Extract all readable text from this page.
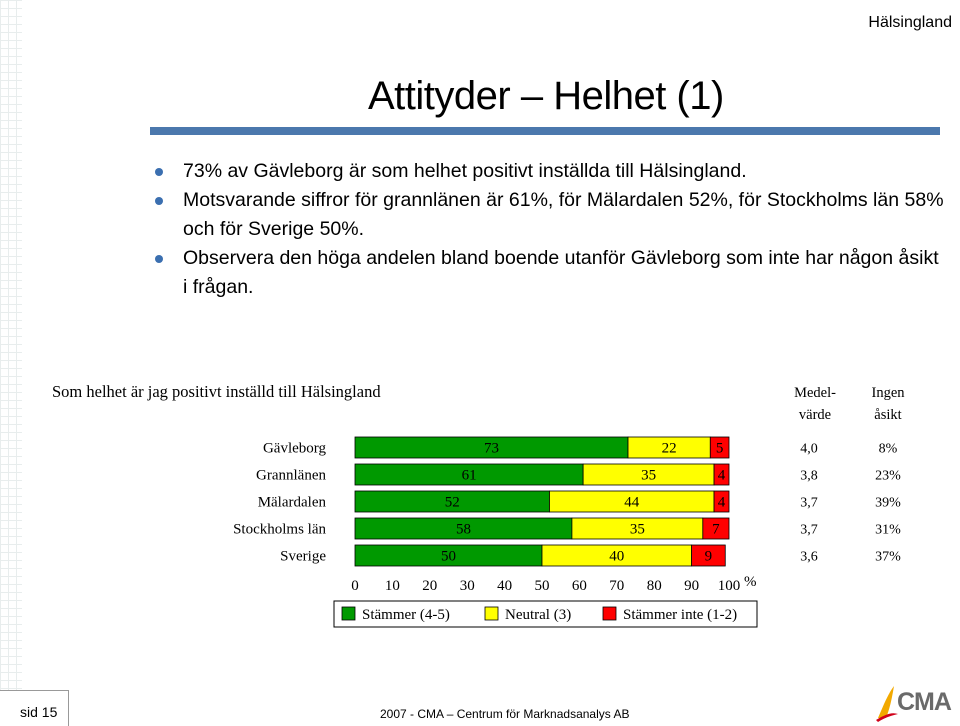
Hälsingland
Attityder – Helhet (1)
73% av Gävleborg är som helhet positivt inställda till Hälsingland.
Motsvarande siffror för grannlänen är 61%, för Mälardalen 52%, för Stockholms län 58% och för Sverige 50%.
Observera den höga andelen bland boende utanför Gävleborg som inte har någon åsikt i frågan.
Som helhet är jag positivt inställd till Hälsingland	Medel-
värde
Ingen
åsikt
Gävleborg	73	22	5	4,0	8%
Grannlänen	61	35	4	3,8	23%
Mälardalen	52	44	4	3,7	39%
Stockholms län	58	35	7	3,7	31%
Sverige	50	40	9	3,6	37%
0 10 20 30 40 50 60 70 80 90 100 %
Stämmer (4-5)	Neutral (3)	Stämmer inte (1-2)
sid 15	2007 - CMA – Centrum för Marknadsanalys AB	CMA
